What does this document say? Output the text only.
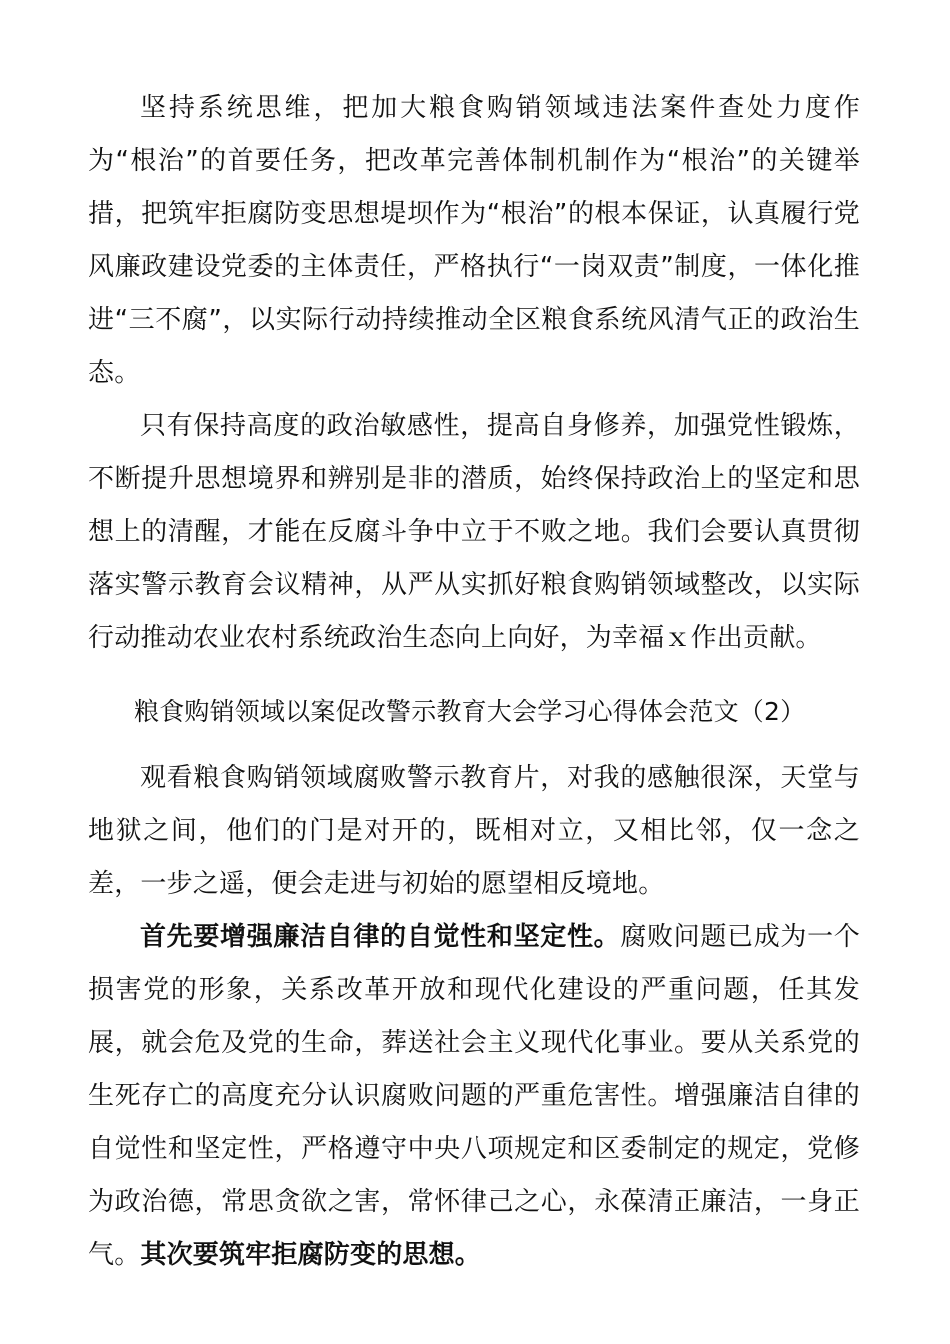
坚持系统思维，把加大粮食购销领域违法案件查处力度作为“根治”的首要任务，把改革完善体制机制作为“根治”的关键举措，把筑牢拒腐防变思想堤坝作为“根治”的根本保证，认真履行党风廉政建设党委的主体责任，严格执行“一岗双责”制度，一体化推进“三不腐”，以实际行动持续推动全区粮食系统风清气正的政治生态。

只有保持高度的政治敏感性，提高自身修养，加强党性锻炼，不断提升思想境界和辨别是非的潜质，始终保持政治上的坚定和思想上的清醒，才能在反腐斗争中立于不败之地。我们会要认真贯彻落实警示教育会议精神，从严从实抓好粮食购销领域整改，以实际行动推动农业农村系统政治生态向上向好，为幸福ｘ作出贡献。

粮食购销领域以案促改警示教育大会学习心得体会范文（2）

观看粮食购销领域腐败警示教育片，对我的感触很深，天堂与地狱之间，他们的门是对开的，既相对立，又相比邻，仅一念之差，一步之遥，便会走进与初始的愿望相反境地。

首先要增强廉洁自律的自觉性和坚定性。腐败问题已成为一个损害党的形象，关系改革开放和现代化建设的严重问题，任其发展，就会危及党的生命，葬送社会主义现代化事业。要从关系党的生死存亡的高度充分认识腐败问题的严重危害性。增强廉洁自律的自觉性和坚定性，严格遵守中央八项规定和区委制定的规定，党修为政治德，常思贪欲之害，常怀律己之心，永葆清正廉洁，一身正气。其次要筑牢拒腐防变的思想。
